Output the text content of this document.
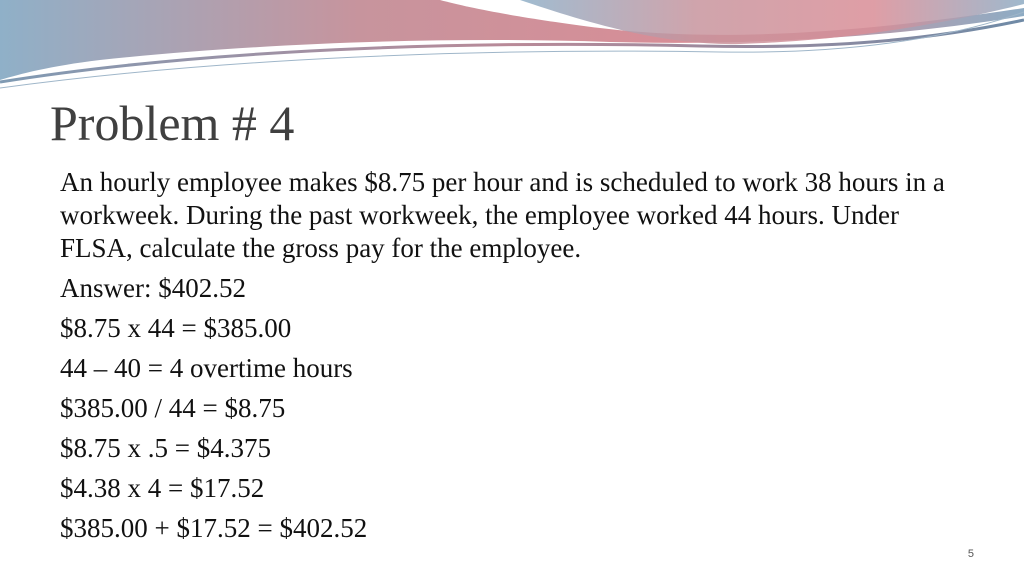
Problem # 4

An hourly employee makes $8.75 per hour and is scheduled to work 38 hours in a workweek. During the past workweek, the employee worked 44 hours. Under FLSA, calculate the gross pay for the employee.

Answer: $402.52

$8.75 x 44 = $385.00

44 – 40 = 4 overtime hours

$385.00 / 44 = $8.75

$8.75 x .5 = $4.375

$4.38 x 4 = $17.52

$385.00 + $17.52 = $402.52

5
